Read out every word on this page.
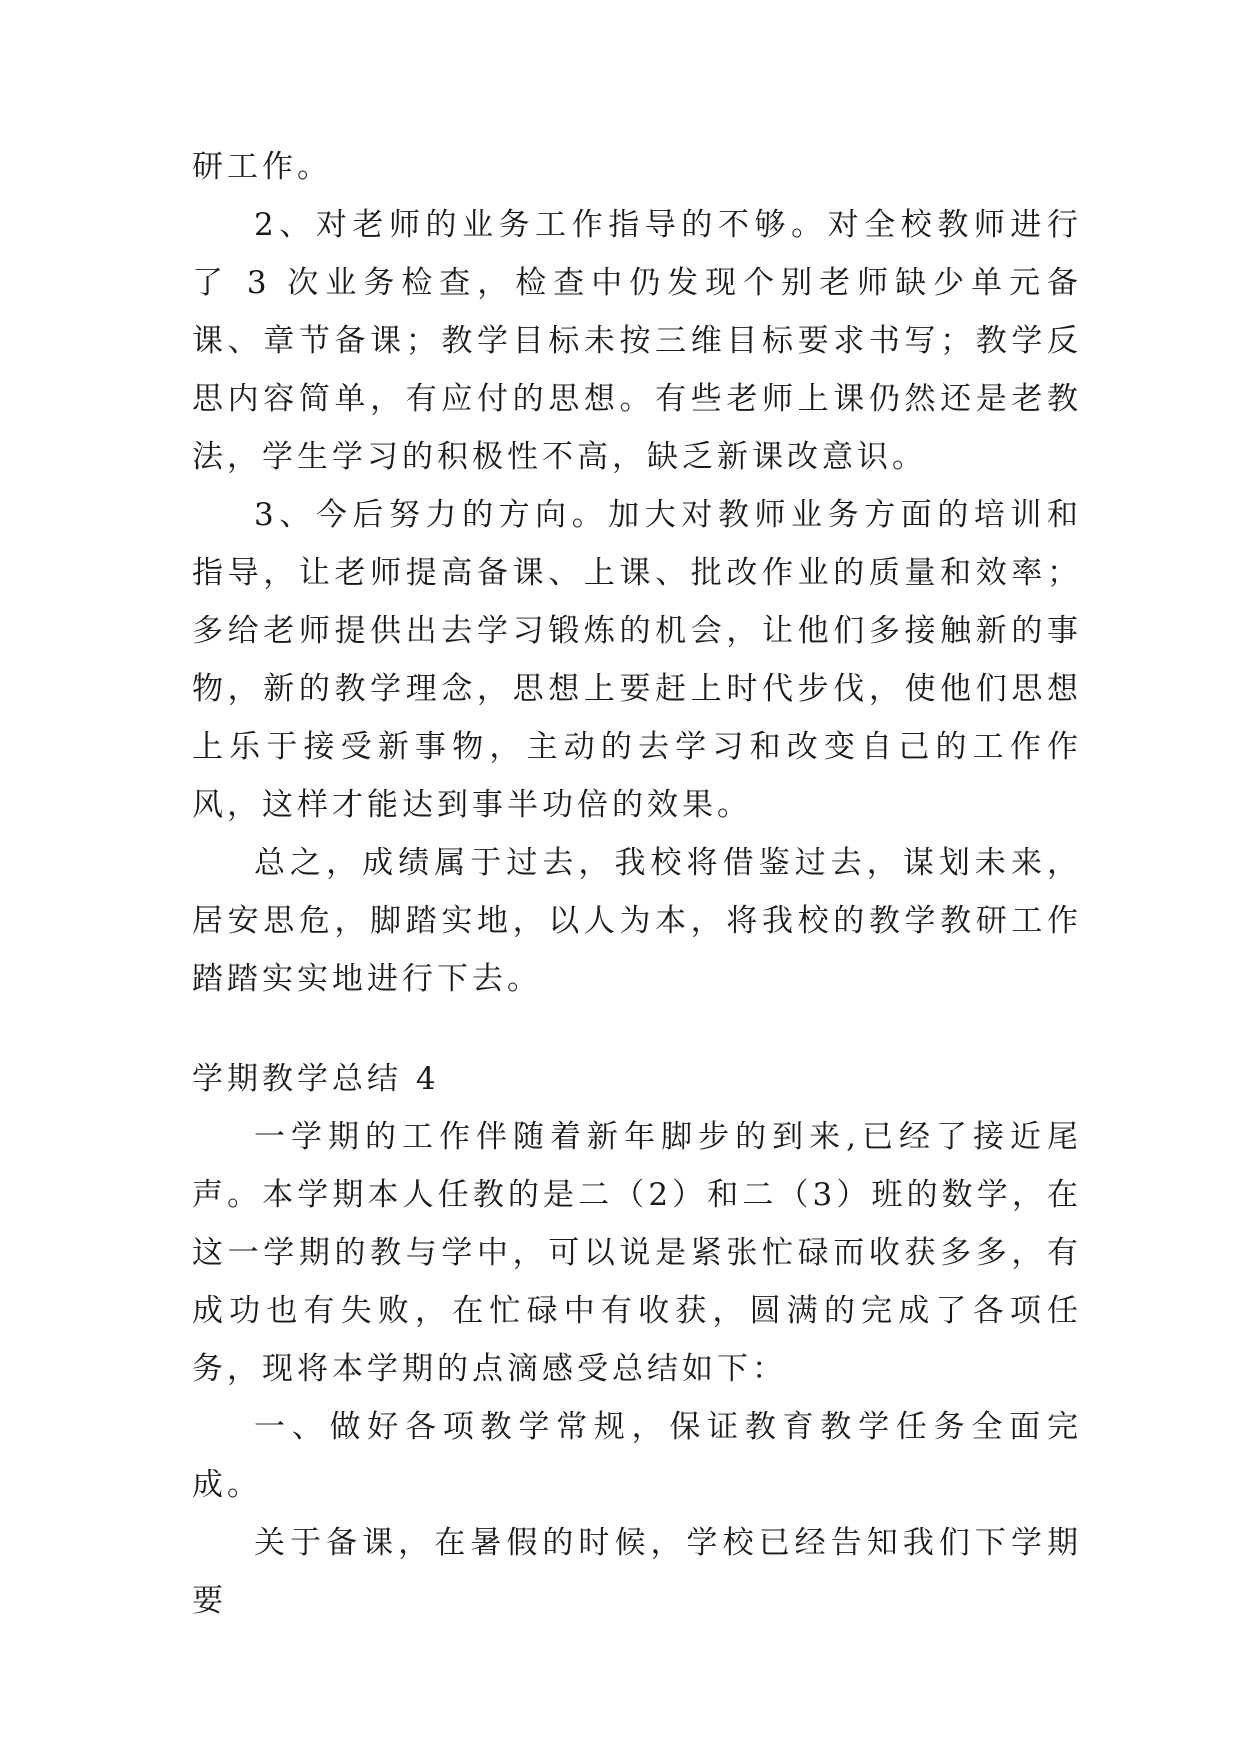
研工作。

2、对老师的业务工作指导的不够。对全校教师进行了 3 次业务检查，检查中仍发现个别老师缺少单元备课、章节备课；教学目标未按三维目标要求书写；教学反思内容简单，有应付的思想。有些老师上课仍然还是老教法，学生学习的积极性不高，缺乏新课改意识。

3、今后努力的方向。加大对教师业务方面的培训和指导，让老师提高备课、上课、批改作业的质量和效率；多给老师提供出去学习锻炼的机会，让他们多接触新的事物，新的教学理念，思想上要赶上时代步伐，使他们思想上乐于接受新事物，主动的去学习和改变自己的工作作风，这样才能达到事半功倍的效果。

总之，成绩属于过去，我校将借鉴过去，谋划未来，居安思危，脚踏实地，以人为本，将我校的教学教研工作踏踏实实地进行下去。

学期教学总结 4

一学期的工作伴随着新年脚步的到来,已经了接近尾声。本学期本人任教的是二（2）和二（3）班的数学，在这一学期的教与学中，可以说是紧张忙碌而收获多多，有成功也有失败，在忙碌中有收获，圆满的完成了各项任务，现将本学期的点滴感受总结如下：

一、做好各项教学常规，保证教育教学任务全面完成。

关于备课，在暑假的时候，学校已经告知我们下学期要
